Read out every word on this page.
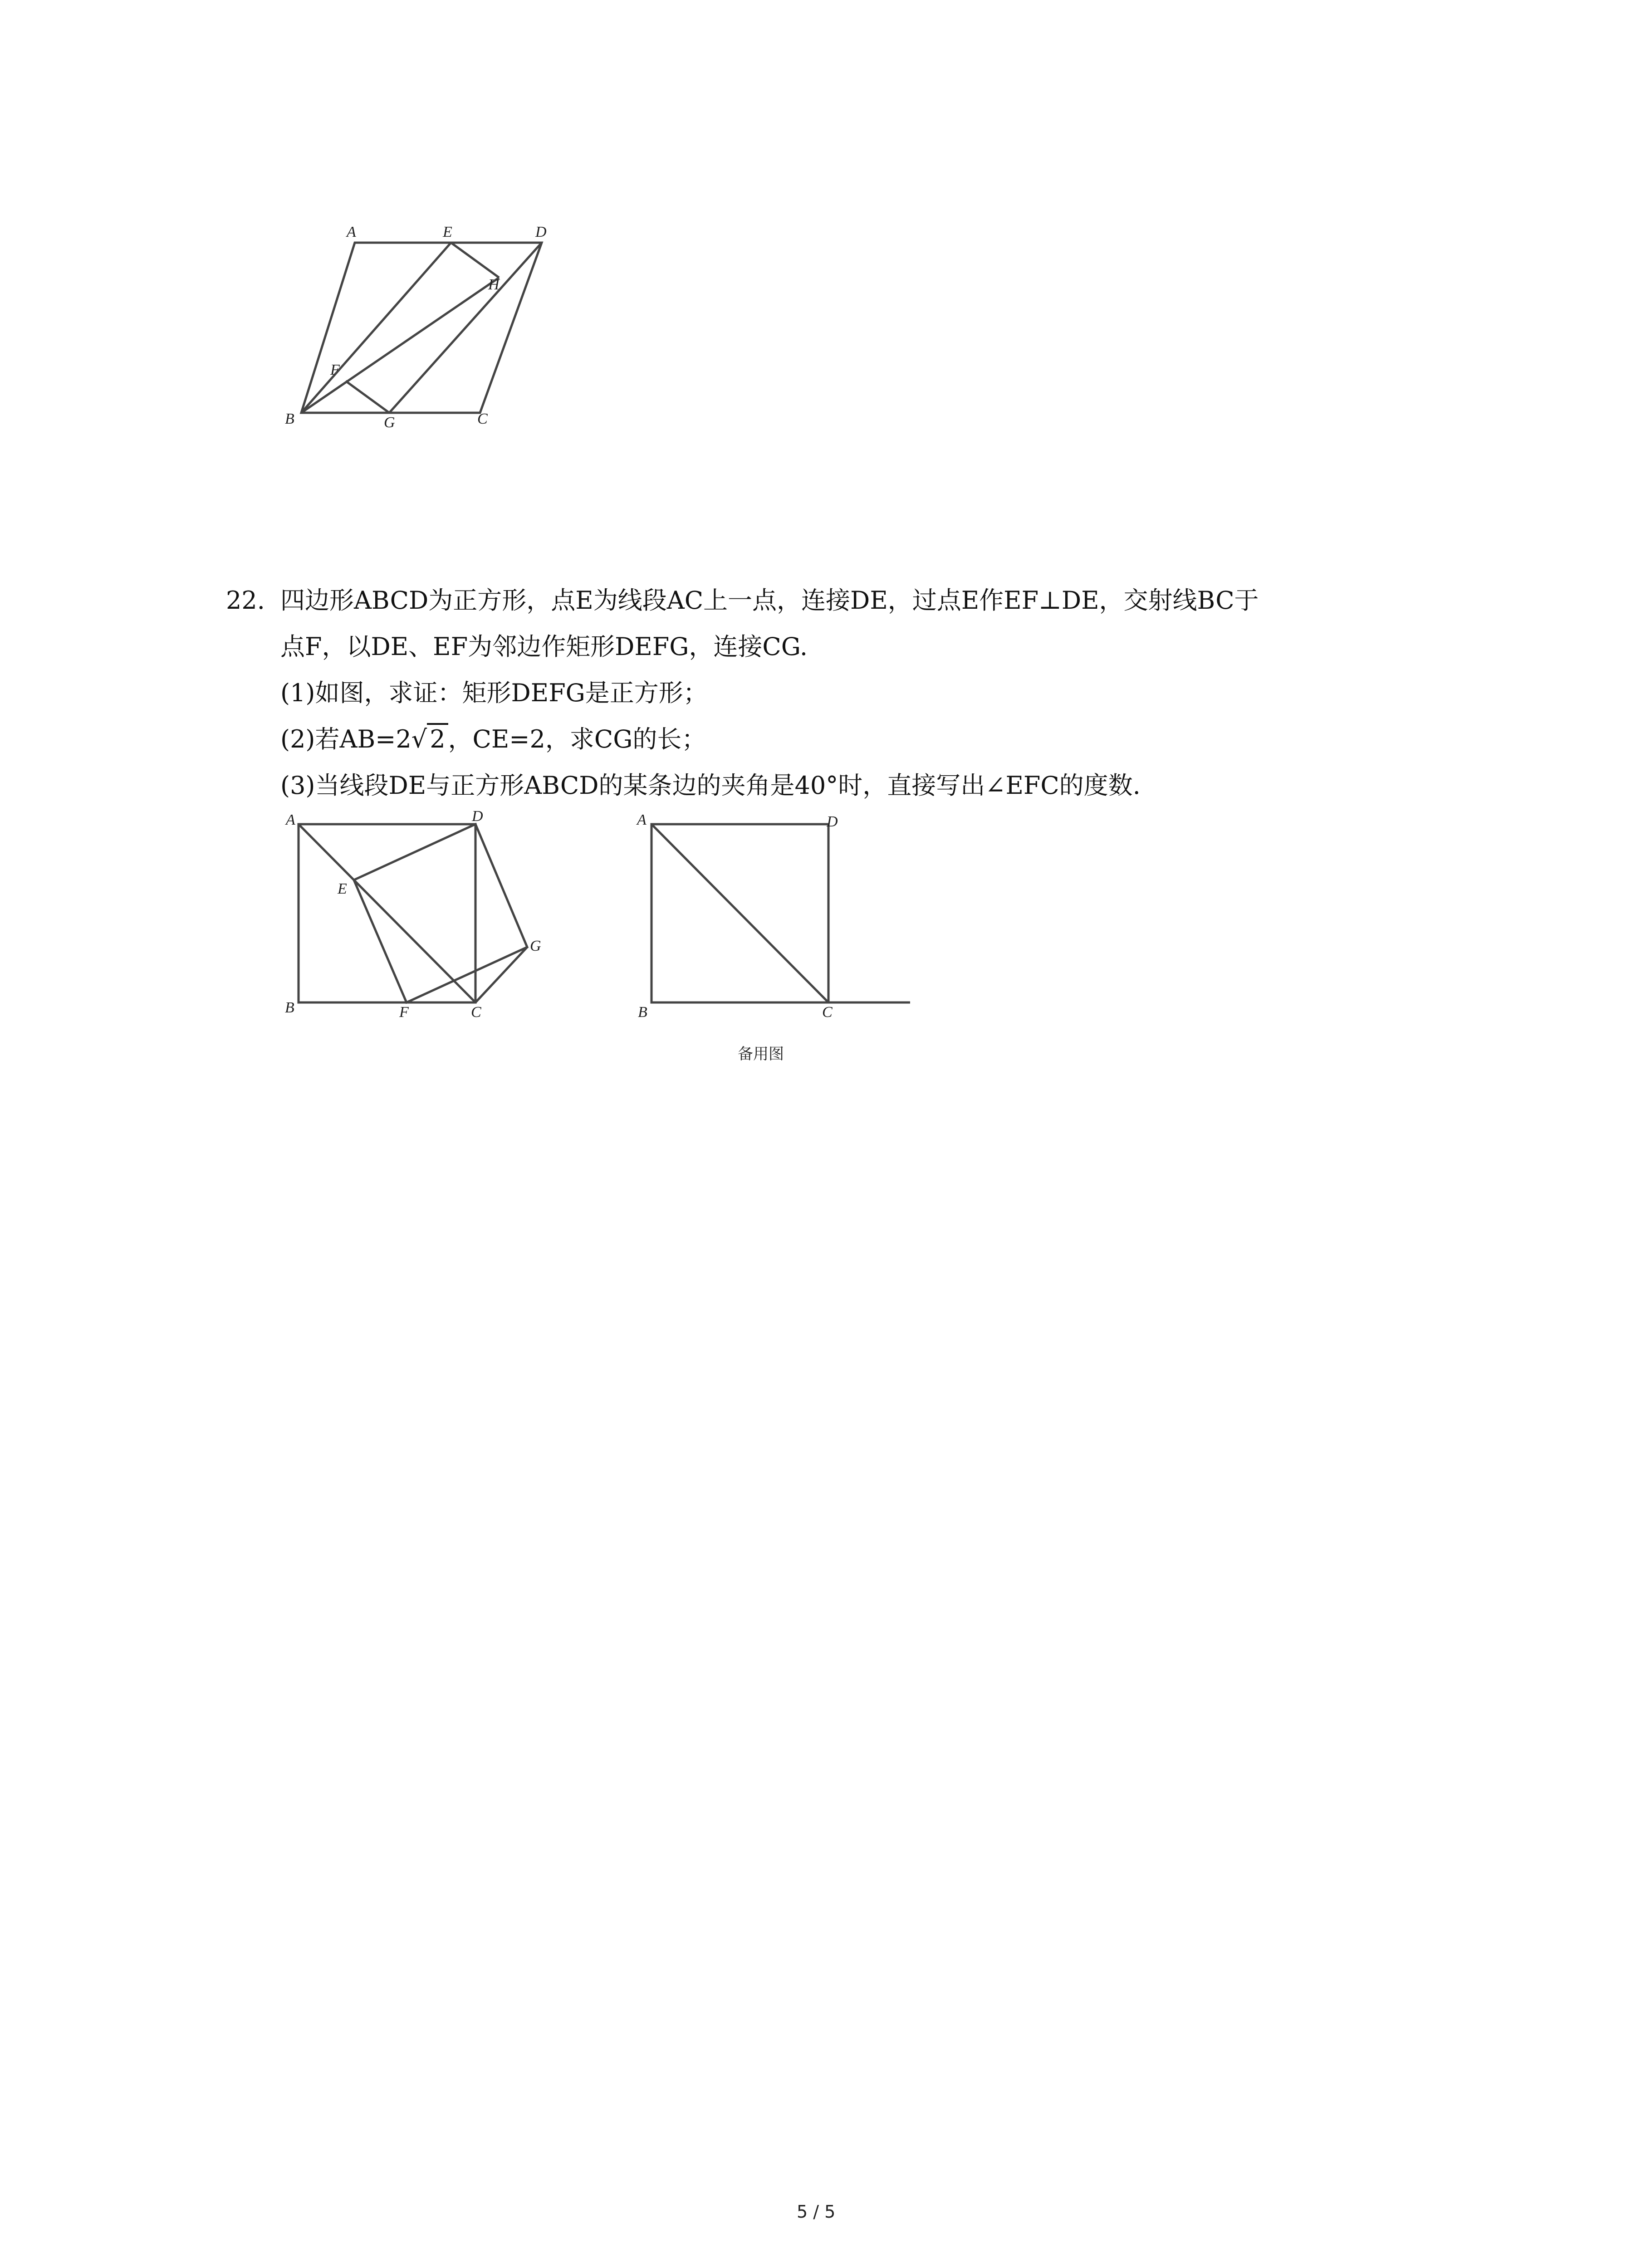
A	E	D
H
F
B	G	C
22. 四边形ABCD为正方形，点E为线段AC上一点，连接DE，过点E作EF⊥DE，交射线BC于
点F，以DE、EF为邻边作矩形DEFG，连接CG.
(1)如图，求证：矩形DEFG是正方形；
(2)若AB=2√ 2 ，CE=2，求CG的长；
(3)当线段DE与正方形ABCD的某条边的夹角是40°时，直接写出∠EFC的度数.
A	D
E
G
B	F	C
A	D
B	C
备用图
5 / 5
